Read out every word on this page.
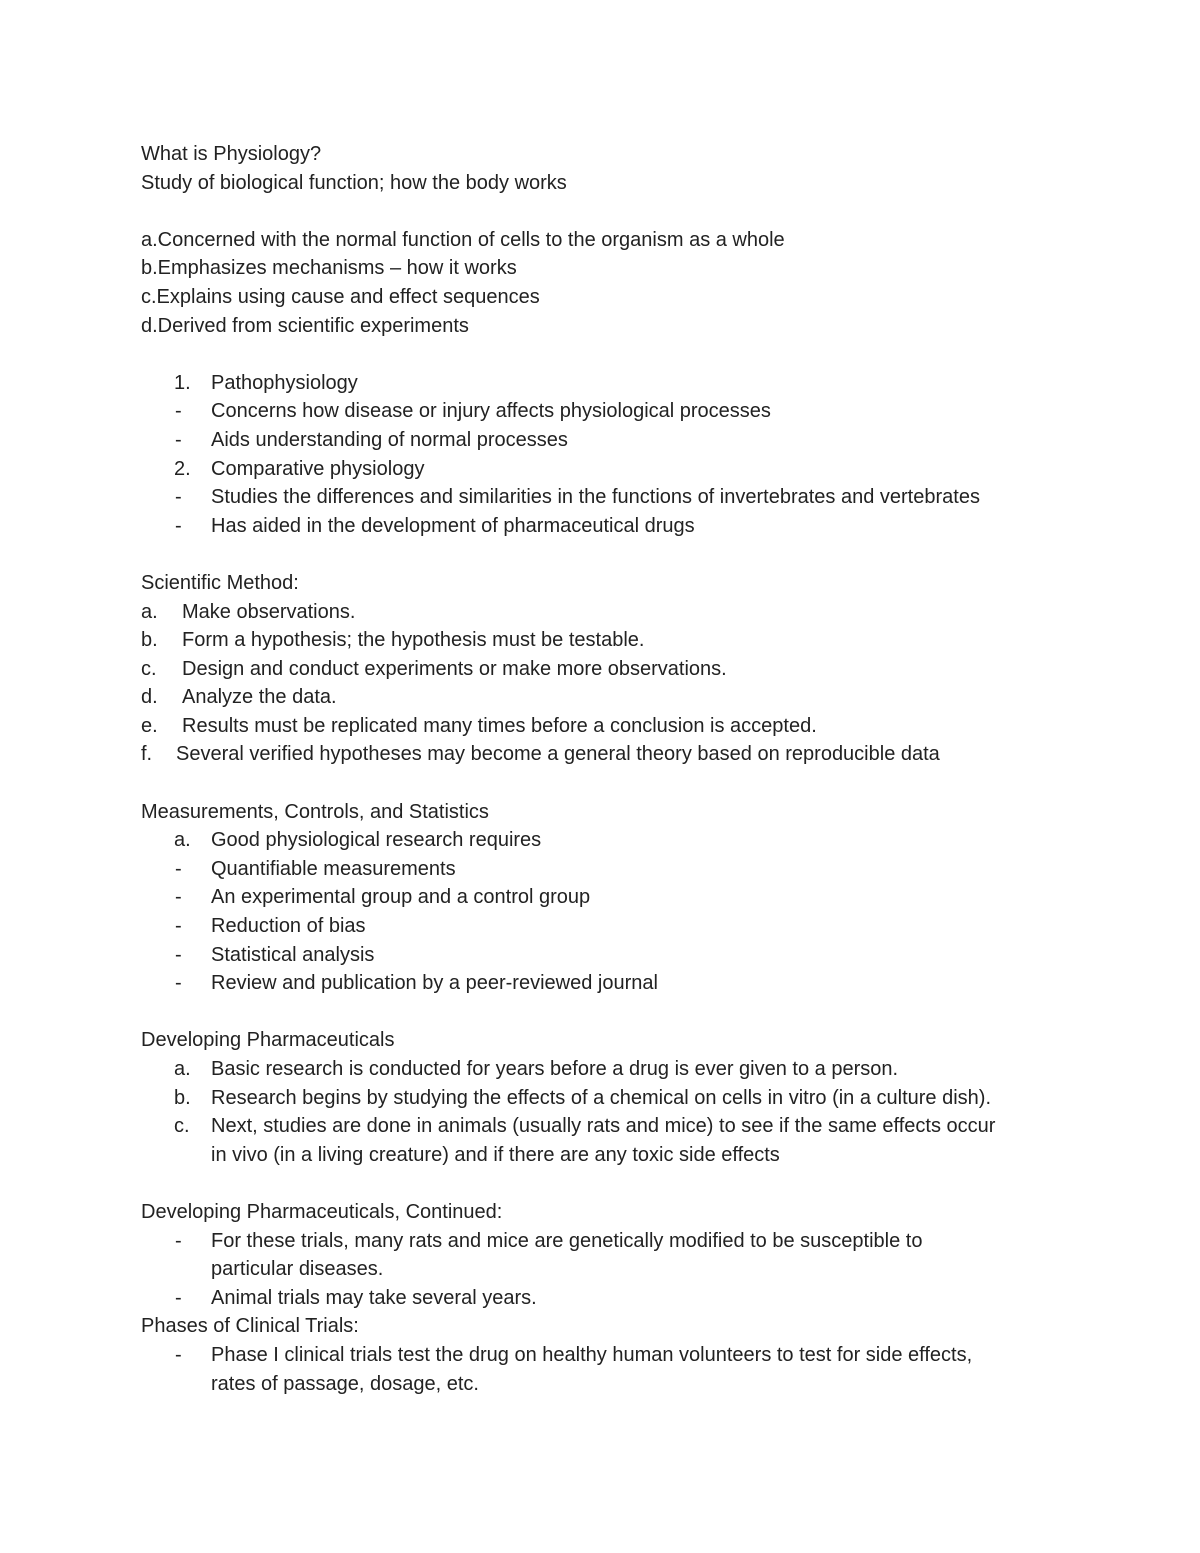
What is Physiology?
Study of biological function; how the body works
a.Concerned with the normal function of cells to the organism as a whole
b.Emphasizes mechanisms – how it works
c.Explains using cause and effect sequences
d.Derived from scientific experiments

1.

Pathophysiology

-

Concerns how disease or injury affects physiological processes

-

Aids understanding of normal processes

2.

Comparative physiology

-

Studies the differences and similarities in the functions of invertebrates and vertebrates

-

Has aided in the development of pharmaceutical drugs

Scientific Method:

a.

Make observations.

b.

Form a hypothesis; the hypothesis must be testable.

c.

Design and conduct experiments or make more observations.

d.

Analyze the data.

e.

Results must be replicated many times before a conclusion is accepted.

f.

Several verified hypotheses may become a general theory based on reproducible data

Measurements, Controls, and Statistics

a.

Good physiological research requires

-

Quantifiable measurements

-

An experimental group and a control group

-

Reduction of bias

-

Statistical analysis

-

Review and publication by a peer-reviewed journal

Developing Pharmaceuticals

a.

Basic research is conducted for years before a drug is ever given to a person.

b.

Research begins by studying the effects of a chemical on cells in vitro (in a culture dish).

c.

Next, studies are done in animals (usually rats and mice) to see if the same effects occur

in vivo (in a living creature) and if there are any toxic side effects

Developing Pharmaceuticals, Continued:

-

For these trials, many rats and mice are genetically modified to be susceptible to

particular diseases.

-

Animal trials may take several years.

Phases of Clinical Trials:

-

Phase I clinical trials test the drug on healthy human volunteers to test for side effects,

rates of passage, dosage, etc.
